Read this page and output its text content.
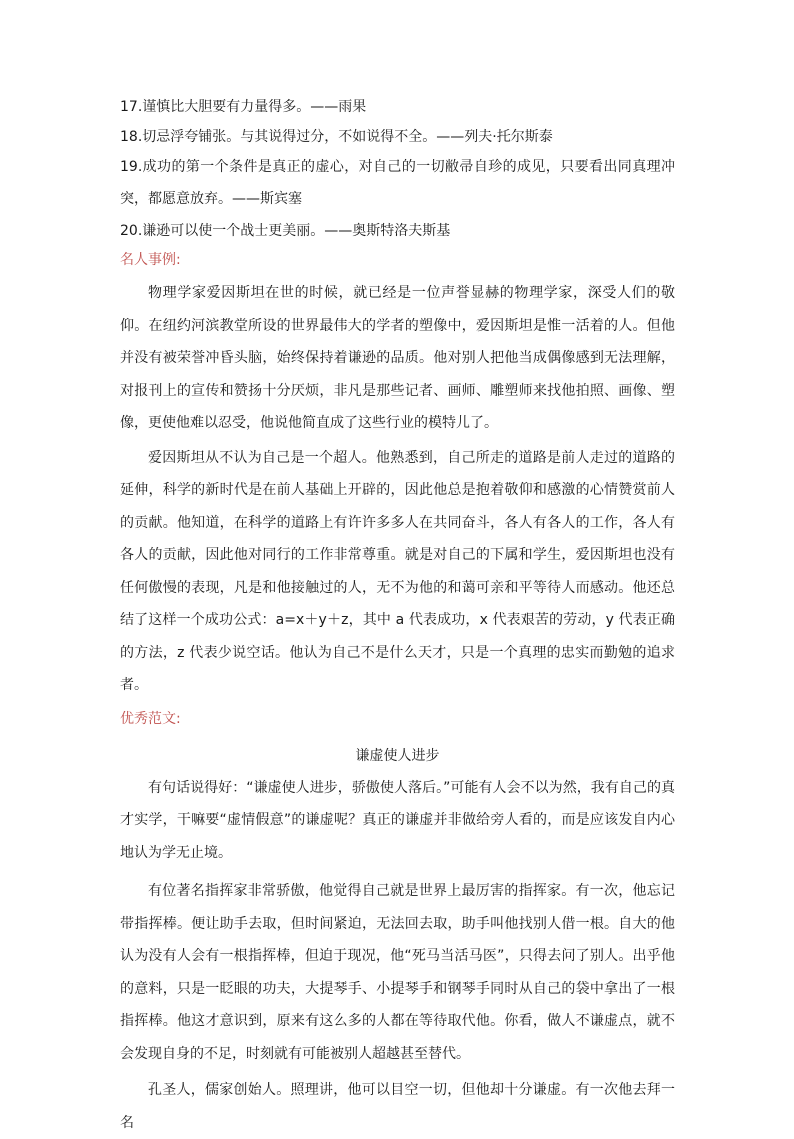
17.谨慎比大胆要有力量得多。——雨果
18.切忌浮夸铺张。与其说得过分，不如说得不全。——列夫·托尔斯泰
19.成功的第一个条件是真正的虚心，对自己的一切敝帚自珍的成见，只要看出同真理冲突，都愿意放弃。——斯宾塞
20.谦逊可以使一个战士更美丽。——奥斯特洛夫斯基
名人事例:

物理学家爱因斯坦在世的时候，就已经是一位声誉显赫的物理学家，深受人们的敬仰。在纽约河滨教堂所设的世界最伟大的学者的塑像中，爱因斯坦是惟一活着的人。但他并没有被荣誉冲昏头脑，始终保持着谦逊的品质。他对别人把他当成偶像感到无法理解，对报刊上的宣传和赞扬十分厌烦，非凡是那些记者、画师、雕塑师来找他拍照、画像、塑像，更使他难以忍受，他说他简直成了这些行业的模特儿了。

爱因斯坦从不认为自己是一个超人。他熟悉到，自己所走的道路是前人走过的道路的延伸，科学的新时代是在前人基础上开辟的，因此他总是抱着敬仰和感激的心情赞赏前人的贡献。他知道，在科学的道路上有许许多多人在共同奋斗，各人有各人的工作，各人有各人的贡献，因此他对同行的工作非常尊重。就是对自己的下属和学生，爱因斯坦也没有任何傲慢的表现，凡是和他接触过的人，无不为他的和蔼可亲和平等待人而感动。他还总结了这样一个成功公式：a=x＋y＋z，其中 a 代表成功，x 代表艰苦的劳动，y 代表正确的方法，z 代表少说空话。他认为自己不是什么天才，只是一个真理的忠实而勤勉的追求者。

优秀范文:

谦虚使人进步

有句话说得好：“谦虚使人进步，骄傲使人落后。”可能有人会不以为然，我有自己的真才实学，干嘛要“虚情假意”的谦虚呢？真正的谦虚并非做给旁人看的，而是应该发自内心地认为学无止境。

有位著名指挥家非常骄傲，他觉得自己就是世界上最厉害的指挥家。有一次，他忘记带指挥棒。便让助手去取，但时间紧迫，无法回去取，助手叫他找别人借一根。自大的他认为没有人会有一根指挥棒，但迫于现况，他“死马当活马医”，只得去问了别人。出乎他的意料，只是一眨眼的功夫，大提琴手、小提琴手和钢琴手同时从自己的袋中拿出了一根指挥棒。他这才意识到，原来有这么多的人都在等待取代他。你看，做人不谦虚点，就不会发现自身的不足，时刻就有可能被别人超越甚至替代。

孔圣人，儒家创始人。照理讲，他可以目空一切，但他却十分谦虚。有一次他去拜一名
